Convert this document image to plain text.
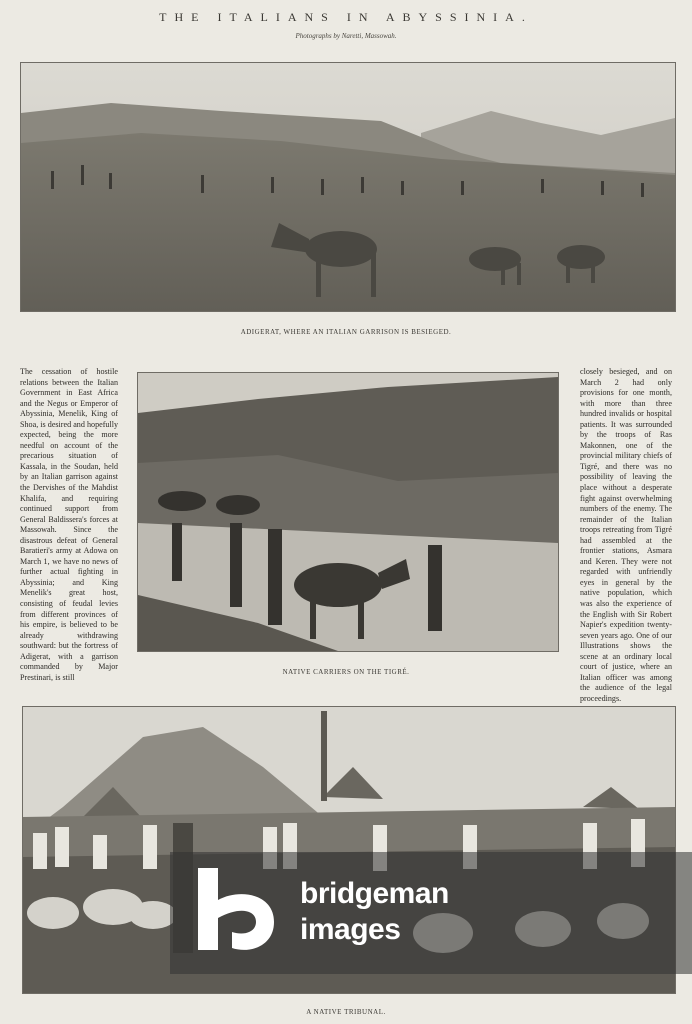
THE ITALIANS IN ABYSSINIA.
Photographs by Naretti, Massowah.
ADIGERAT, WHERE AN ITALIAN GARRISON IS BESIEGED.
The cessation of hostile relations between the Italian Government in East Africa and the Negus or Emperor of Abyssinia, Menelik, King of Shoa, is desired and hopefully expected, being the more needful on account of the precarious situation of Kassala, in the Soudan, held by an Italian garrison against the Dervishes of the Mahdist Khalifa, and requiring continued support from General Baldissera's forces at Massowah. Since the disastrous defeat of General Baratieri's army at Adowa on March 1, we have no news of further actual fighting in Abyssinia; and King Menelik's great host, consisting of feudal levies from different provinces of his empire, is believed to be already withdrawing southward: but the fortress of Adigerat, with a garrison commanded by Major Prestinari, is still
NATIVE CARRIERS ON THE TIGRÉ.
closely besieged, and on March 2 had only provisions for one month, with more than three hundred invalids or hospital patients. It was surrounded by the troops of Ras Makonnen, one of the provincial military chiefs of Tigré, and there was no possibility of leaving the place without a desperate fight against overwhelming numbers of the enemy. The remainder of the Italian troops retreating from Tigré had assembled at the frontier stations, Asmara and Keren. They were not regarded with unfriendly eyes in general by the native population, which was also the experience of the English with Sir Robert Napier's expedition twenty-seven years ago. One of our Illustrations shows the scene at an ordinary local court of justice, where an Italian officer was among the audience of the legal proceedings.
A NATIVE TRIBUNAL.
bridgeman
images
